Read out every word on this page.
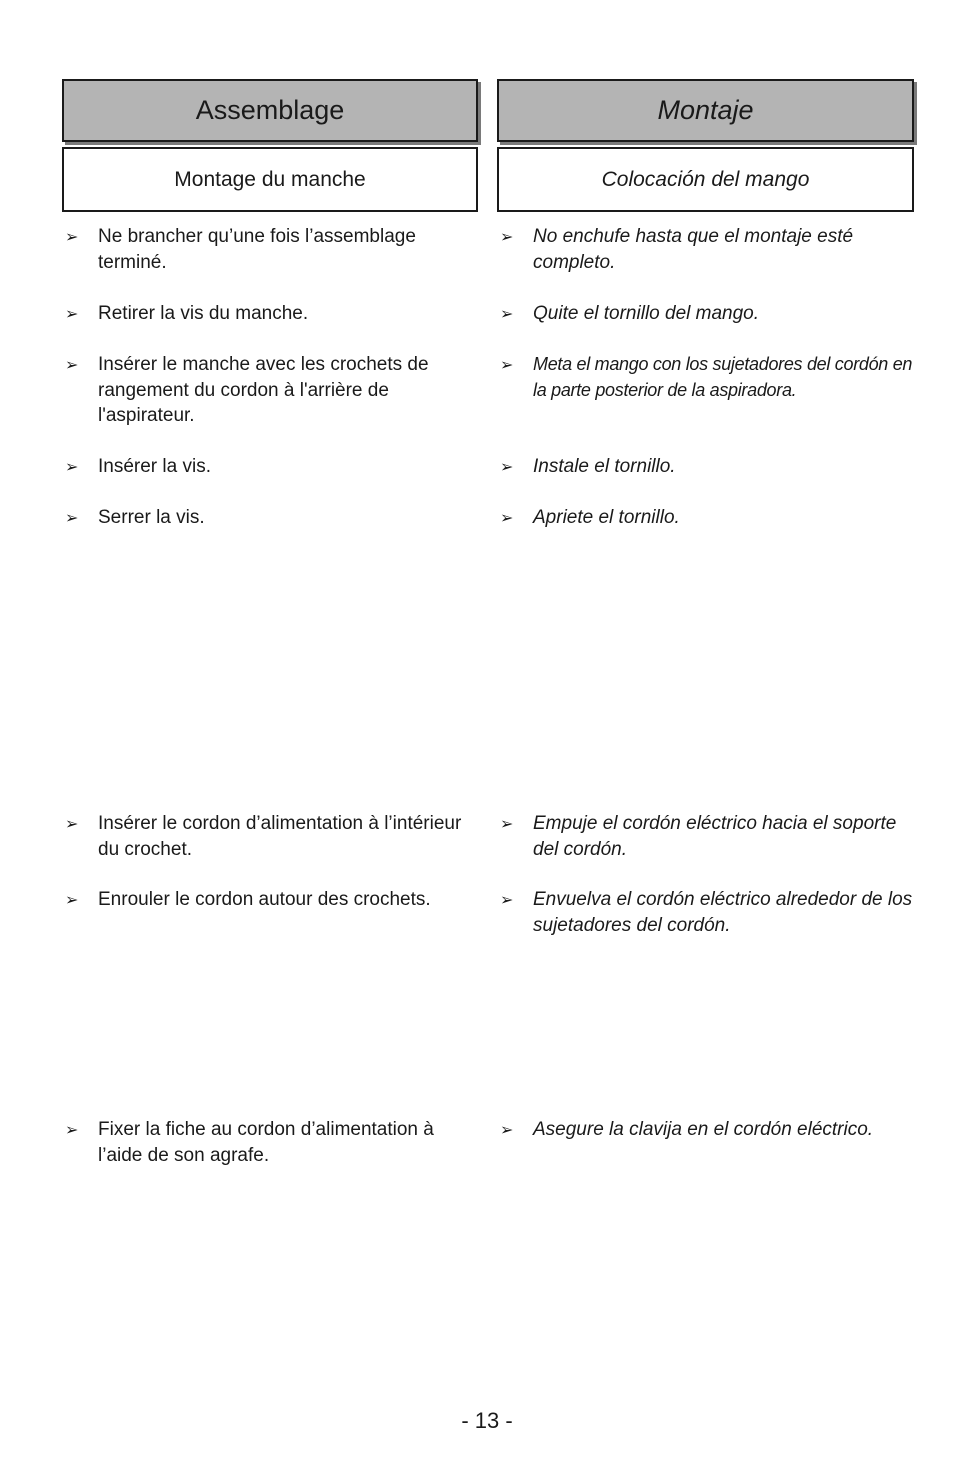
Assemblage
Montage du manche
➢ Ne brancher qu’une fois l’assemblage terminé.
➢ Retirer la vis du manche.
➢ Insérer le manche avec les crochets de rangement du cordon à l'arrière de l'aspirateur.
➢ Insérer la vis.
➢ Serrer la vis.
➢ Insérer le cordon d’alimentation à l’intérieur du crochet.
➢ Enrouler le cordon autour des crochets.
➢ Fixer la fiche au cordon d’alimentation à l’aide de son agrafe.
Montaje
Colocación del mango
➢ No enchufe hasta que el montaje esté completo.
➢ Quite el tornillo del mango.
➢ Meta el mango con los sujetadores del cordón en la parte posterior de la aspiradora.
➢ Instale el tornillo.
➢ Apriete el tornillo.
➢ Empuje el cordón eléctrico hacia el soporte del cordón.
➢ Envuelva el cordón eléctrico alrededor de los sujetadores del cordón.
➢ Asegure la clavija en el cordón eléctrico.
- 13 -
